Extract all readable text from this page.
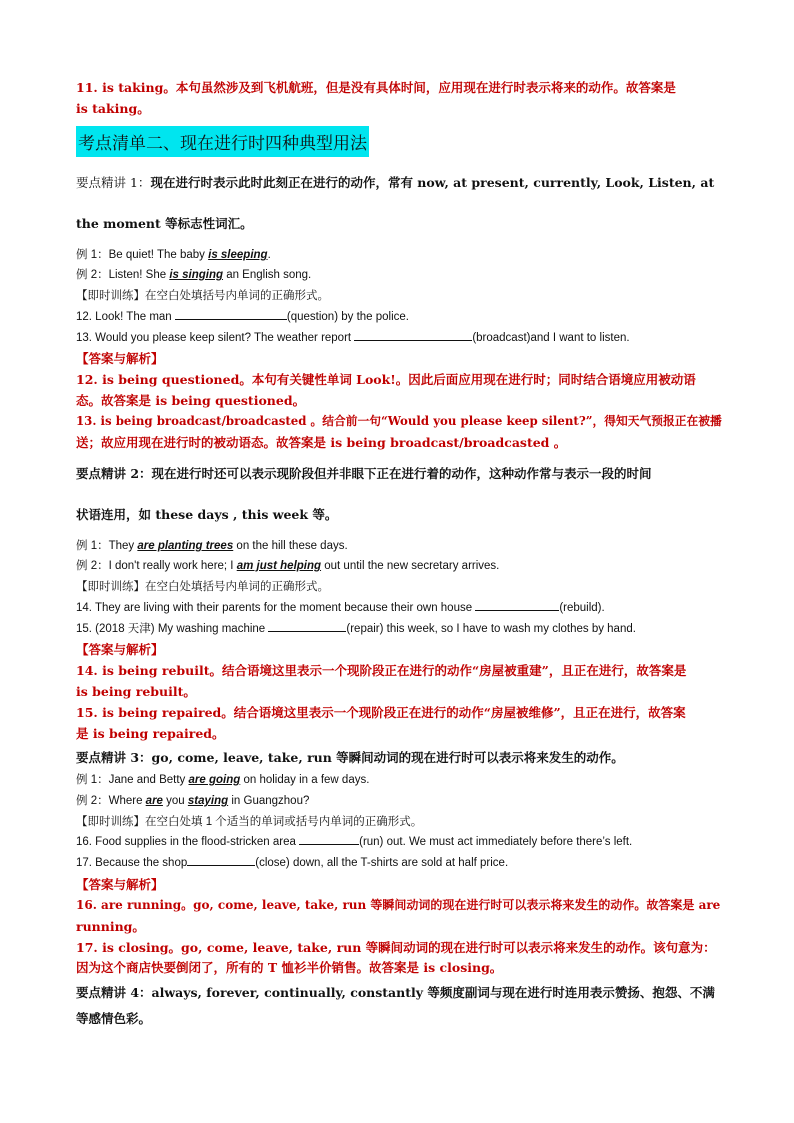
11. is taking。本句虽然涉及到飞机航班，但是没有具体时间，应用现在进行时表示将来的动作。故答案是
is taking。
考点清单二、现在进行时四种典型用法
要点精讲 1：现在进行时表示此时此刻正在进行的动作，常有 now, at present, currently, Look, Listen, at
the moment 等标志性词汇。
例 1：Be quiet! The baby is sleeping.
例 2：Listen! She is singing an English song.
【即时训练】在空白处填括号内单词的正确形式。
12. Look! The man	(question) by the police.
13. Would you please keep silent? The weather report	(broadcast)and I want to listen.
【答案与解析】
12. is being questioned。本句有关键性单词 Look!。因此后面应用现在进行时；同时结合语境应用被动语
态。故答案是 is being questioned。
13. is being broadcast/broadcasted 。结合前一句“Would you please keep silent?”，得知天气预报正在被播
送；故应用现在进行时的被动语态。故答案是 is being broadcast/broadcasted 。
要点精讲 2：现在进行时还可以表示现阶段但并非眼下正在进行着的动作，这种动作常与表示一段的时间
状语连用，如 these days , this week 等。
例 1：They are planting trees on the hill these days.
例 2：I don't really work here; I am just helping out until the new secretary arrives.
【即时训练】在空白处填括号内单词的正确形式。
14. They are living with their parents for the moment because their own house	(rebuild).
15. (2018 天津) My washing machine	(repair) this week, so I have to wash my clothes by hand.
【答案与解析】
14. is being rebuilt。结合语境这里表示一个现阶段正在进行的动作“房屋被重建”，且正在进行，故答案是
is being rebuilt。
15. is being repaired。结合语境这里表示一个现阶段正在进行的动作“房屋被维修”，且正在进行，故答案
是 is being repaired。
要点精讲 3：go, come, leave, take, run 等瞬间动词的现在进行时可以表示将来发生的动作。
例 1：Jane and Betty are going on holiday in a few days.
例 2：Where are you staying in Guangzhou?
【即时训练】在空白处填 1 个适当的单词或括号内单词的正确形式。
16. Food supplies in the flood-stricken area	(run) out. We must act immediately before there’s left.
17. Because the shop	(close) down, all the T-shirts are sold at half price.
【答案与解析】
16. are running。go, come, leave, take, run 等瞬间动词的现在进行时可以表示将来发生的动作。故答案是 are
running。
17. is closing。go, come, leave, take, run 等瞬间动词的现在进行时可以表示将来发生的动作。该句意为：
因为这个商店快要倒闭了，所有的 T 恤衫半价销售。故答案是 is closing。
要点精讲 4：always, forever, continually, constantly 等频度副词与现在进行时连用表示赞扬、抱怨、不满
等感情色彩。
